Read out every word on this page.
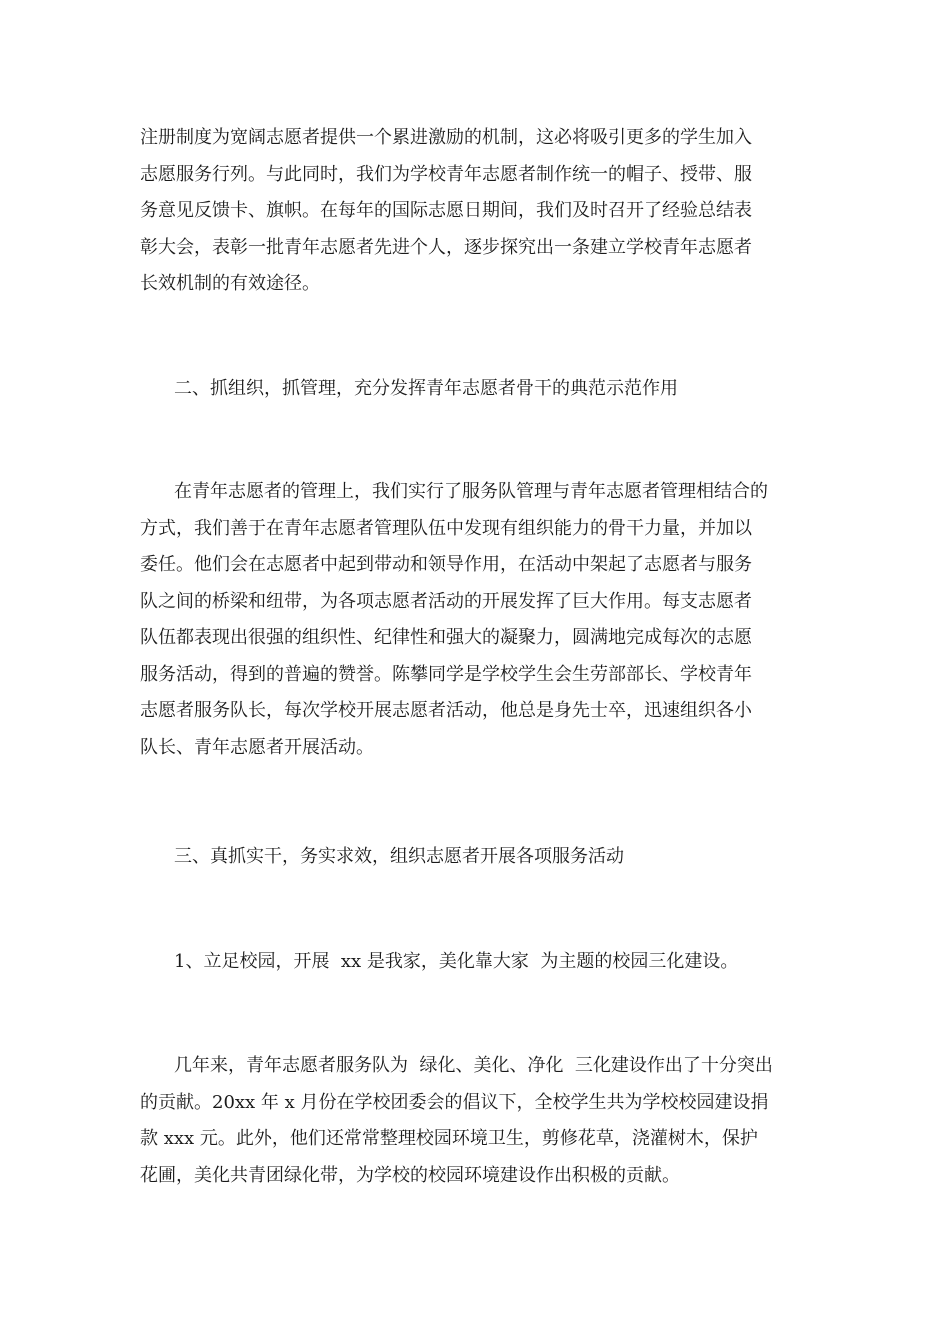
注册制度为宽阔志愿者提供一个累进激励的机制，这必将吸引更多的学生加入
志愿服务行列。与此同时，我们为学校青年志愿者制作统一的帽子、授带、服
务意见反馈卡、旗帜。在每年的国际志愿日期间，我们及时召开了经验总结表
彰大会，表彰一批青年志愿者先进个人，逐步探究出一条建立学校青年志愿者
长效机制的有效途径。

二、抓组织，抓管理，充分发挥青年志愿者骨干的典范示范作用

在青年志愿者的管理上，我们实行了服务队管理与青年志愿者管理相结合的
方式，我们善于在青年志愿者管理队伍中发现有组织能力的骨干力量，并加以
委任。他们会在志愿者中起到带动和领导作用，在活动中架起了志愿者与服务
队之间的桥梁和纽带，为各项志愿者活动的开展发挥了巨大作用。每支志愿者
队伍都表现出很强的组织性、纪律性和强大的凝聚力，圆满地完成每次的志愿
服务活动，得到的普遍的赞誉。陈攀同学是学校学生会生劳部部长、学校青年
志愿者服务队长，每次学校开展志愿者活动，他总是身先士卒，迅速组织各小
队长、青年志愿者开展活动。

三、真抓实干，务实求效，组织志愿者开展各项服务活动

1、立足校园，开展  xx 是我家，美化靠大家  为主题的校园三化建设。

几年来，青年志愿者服务队为  绿化、美化、净化  三化建设作出了十分突出
的贡献。20xx 年 x 月份在学校团委会的倡议下，全校学生共为学校校园建设捐
款 xxx 元。此外，他们还常常整理校园环境卫生，剪修花草，浇灌树木，保护
花圃，美化共青团绿化带，为学校的校园环境建设作出积极的贡献。
